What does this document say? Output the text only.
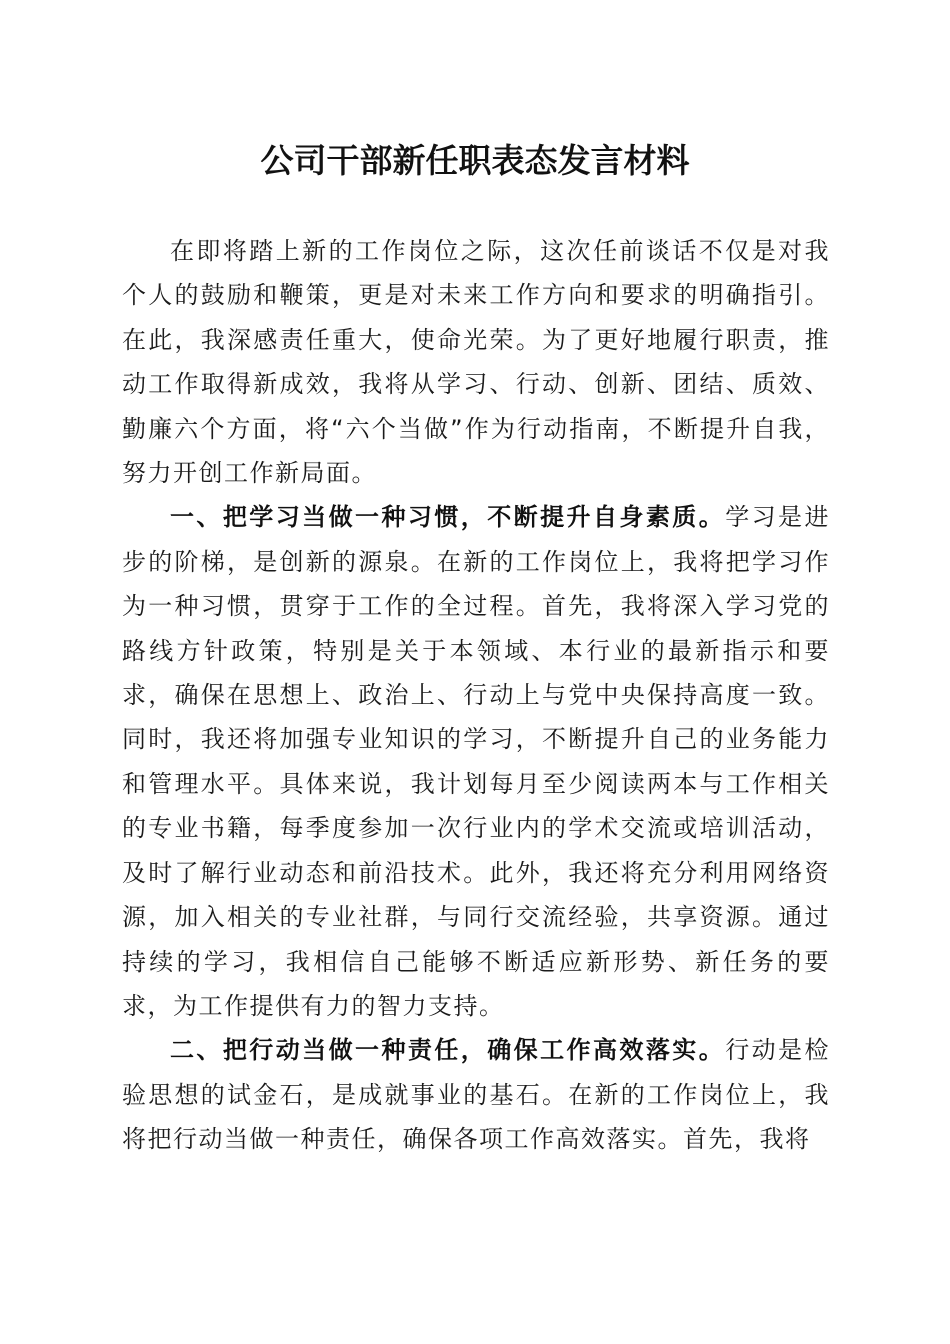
公司干部新任职表态发言材料

在即将踏上新的工作岗位之际，这次任前谈话不仅是对我个人的鼓励和鞭策，更是对未来工作方向和要求的明确指引。在此，我深感责任重大，使命光荣。为了更好地履行职责，推动工作取得新成效，我将从学习、行动、创新、团结、质效、勤廉六个方面，将“六个当做”作为行动指南，不断提升自我，努力开创工作新局面。

一、把学习当做一种习惯，不断提升自身素质。学习是进步的阶梯，是创新的源泉。在新的工作岗位上，我将把学习作为一种习惯，贯穿于工作的全过程。首先，我将深入学习党的路线方针政策，特别是关于本领域、本行业的最新指示和要求，确保在思想上、政治上、行动上与党中央保持高度一致。同时，我还将加强专业知识的学习，不断提升自己的业务能力和管理水平。具体来说，我计划每月至少阅读两本与工作相关的专业书籍，每季度参加一次行业内的学术交流或培训活动，及时了解行业动态和前沿技术。此外，我还将充分利用网络资源，加入相关的专业社群，与同行交流经验，共享资源。通过持续的学习，我相信自己能够不断适应新形势、新任务的要求，为工作提供有力的智力支持。

二、把行动当做一种责任，确保工作高效落实。行动是检验思想的试金石，是成就事业的基石。在新的工作岗位上，我将把行动当做一种责任，确保各项工作高效落实。首先，我将
